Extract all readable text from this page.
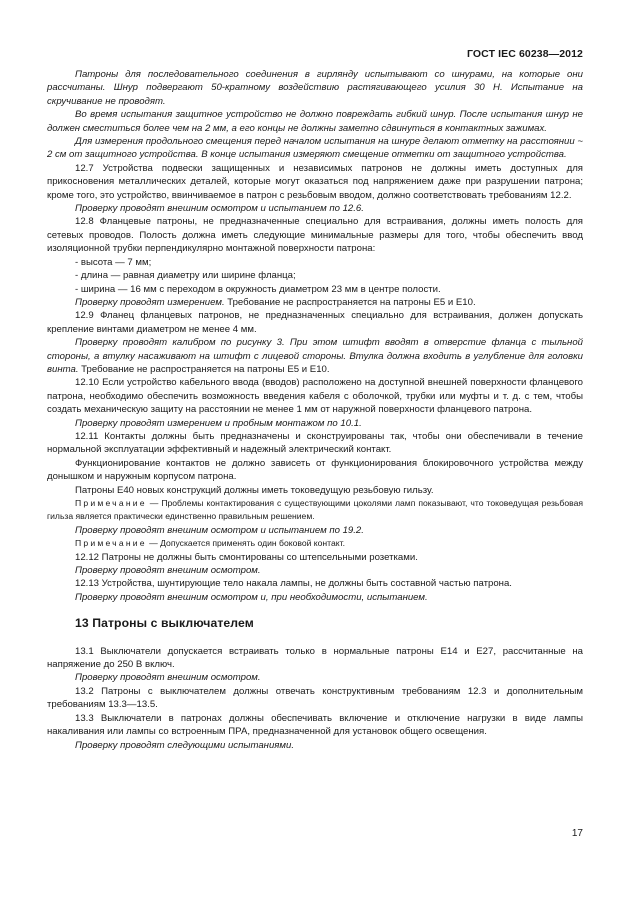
ГОСТ IEC 60238—2012

Патроны для последовательного соединения в гирлянду испытывают со шнурами, на которые они рассчитаны. Шнур подвергают 50-кратному воздействию растягивающего усилия 30 Н. Испытание на скручивание не проводят.

Во время испытания защитное устройство не должно повреждать гибкий шнур. После испытания шнур не должен сместиться более чем на 2 мм, а его концы не должны заметно сдвинуться в контактных зажимах.

Для измерения продольного смещения перед началом испытания на шнуре делают отметку на расстоянии ~ 2 см от защитного устройства. В конце испытания измеряют смещение отметки от защитного устройства.

12.7 Устройства подвески защищенных и независимых патронов не должны иметь доступных для прикосновения металлических деталей, которые могут оказаться под напряжением даже при разрушении патрона; кроме того, это устройство, ввинчиваемое в патрон с резьбовым вводом, должно соответствовать требованиям 12.2.

Проверку проводят внешним осмотром и испытанием по 12.6.

12.8 Фланцевые патроны, не предназначенные специально для встраивания, должны иметь полость для сетевых проводов. Полость должна иметь следующие минимальные размеры для того, чтобы обеспечить ввод изоляционной трубки перпендикулярно монтажной поверхности патрона:

- высота — 7 мм;

- длина — равная диаметру или ширине фланца;

- ширина — 16 мм с переходом в окружность диаметром 23 мм в центре полости.

Проверку проводят измерением. Требование не распространяется на патроны Е5 и Е10.

12.9 Фланец фланцевых патронов, не предназначенных специально для встраивания, должен допускать крепление винтами диаметром не менее 4 мм.

Проверку проводят калибром по рисунку 3. При этом штифт вводят в отверстие фланца с тыльной стороны, а втулку насаживают на штифт с лицевой стороны. Втулка должна входить в углубление для головки винта. Требование не распространяется на патроны Е5 и Е10.

12.10 Если устройство кабельного ввода (вводов) расположено на доступной внешней поверхности фланцевого патрона, необходимо обеспечить возможность введения кабеля с оболочкой, трубки или муфты и т. д. с тем, чтобы создать механическую защиту на расстоянии не менее 1 мм от наружной поверхности фланцевого патрона.

Проверку проводят измерением и пробным монтажом по 10.1.

12.11 Контакты должны быть предназначены и сконструированы так, чтобы они обеспечивали в течение нормальной эксплуатации эффективный и надежный электрический контакт.

Функционирование контактов не должно зависеть от функционирования блокировочного устройства между донышком и наружным корпусом патрона.

Патроны Е40 новых конструкций должны иметь токоведущую резьбовую гильзу.

Примечание — Проблемы контактирования с существующими цоколями ламп показывают, что токоведущая резьбовая гильза является практически единственно правильным решением.

Проверку проводят внешним осмотром и испытанием по 19.2.

Примечание — Допускается применять один боковой контакт.

12.12 Патроны не должны быть смонтированы со штепсельными розетками.

Проверку проводят внешним осмотром.

12.13 Устройства, шунтирующие тело накала лампы, не должны быть составной частью патрона.

Проверку проводят внешним осмотром и, при необходимости, испытанием.

13 Патроны с выключателем

13.1 Выключатели допускается встраивать только в нормальные патроны Е14 и Е27, рассчитанные на напряжение до 250 В включ.

Проверку проводят внешним осмотром.

13.2 Патроны с выключателем должны отвечать конструктивным требованиям 12.3 и дополнительным требованиям 13.3—13.5.

13.3 Выключатели в патронах должны обеспечивать включение и отключение нагрузки в виде лампы накаливания или лампы со встроенным ПРА, предназначенной для установок общего освещения.

Проверку проводят следующими испытаниями.

17
